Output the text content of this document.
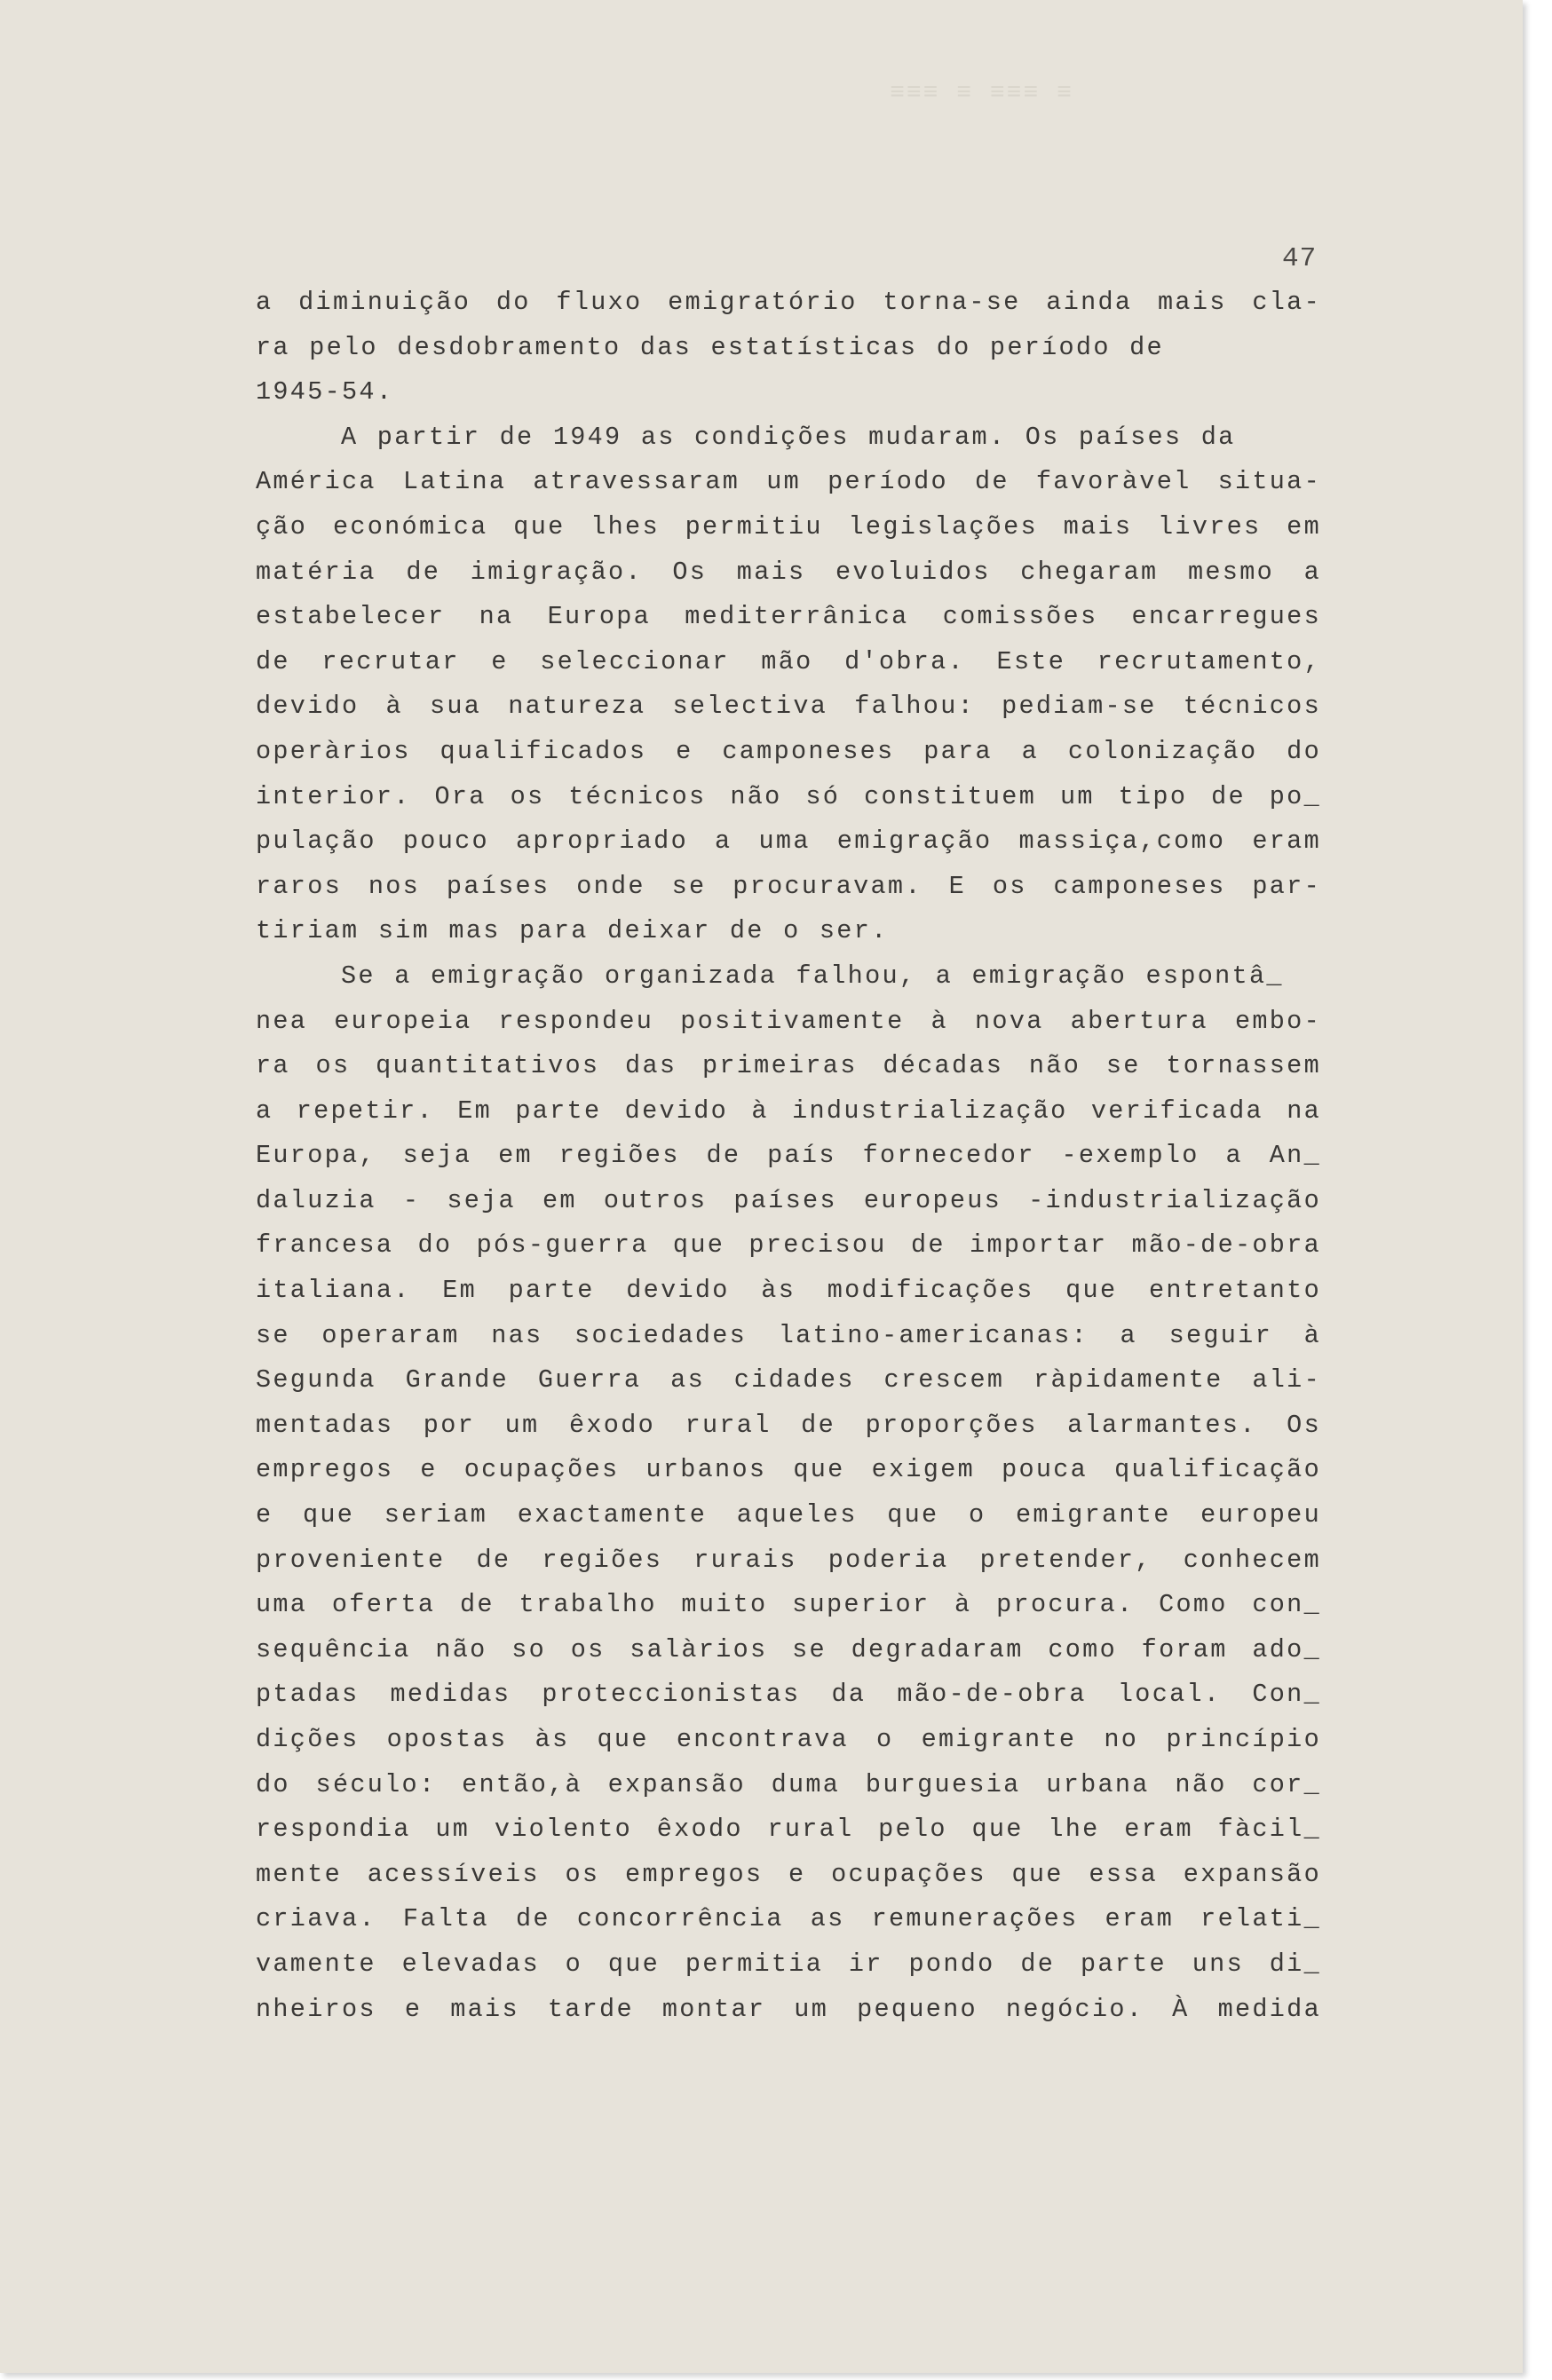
≡ ≡≡≡ ≡ ≡≡≡
47
a diminuição do fluxo emigratório torna-se ainda mais cla-
ra pelo desdobramento das estatísticas do período de
1945-54.
A partir de 1949 as condições mudaram. Os países da
América Latina atravessaram um período de favoràvel situa-
ção económica que lhes permitiu legislações mais livres em
matéria de imigração. Os mais evoluidos chegaram mesmo a
estabelecer na Europa mediterrânica comissões encarregues
de recrutar e seleccionar mão d'obra. Este recrutamento,
devido à sua natureza selectiva falhou: pediam-se técnicos
operàrios qualificados e camponeses para a colonização do
interior. Ora os técnicos não só constituem um tipo de po_
pulação pouco apropriado a uma emigração massiça,como eram
raros nos países onde se procuravam. E os camponeses par-
tiriam sim mas para deixar de o ser.
Se a emigração organizada falhou, a emigração espontâ_
nea europeia respondeu positivamente à nova abertura embo-
ra os quantitativos das primeiras décadas não se tornassem
a repetir. Em parte devido à industrialização verificada na
Europa, seja em regiões de país fornecedor -exemplo a An_
daluzia - seja em outros países europeus -industrialização
francesa do pós-guerra que precisou de importar mão-de-obra
italiana. Em parte devido às modificações que entretanto
se operaram nas sociedades latino-americanas: a seguir à
Segunda Grande Guerra as cidades crescem ràpidamente ali-
mentadas por um êxodo rural de proporções alarmantes. Os
empregos e ocupações urbanos que exigem pouca qualificação
e que seriam exactamente aqueles que o emigrante europeu
proveniente de regiões rurais poderia pretender, conhecem
uma oferta de trabalho muito superior à procura. Como con_
sequência não so os salàrios se degradaram como foram ado_
ptadas medidas proteccionistas da mão-de-obra local. Con_
dições opostas às que encontrava o emigrante no princípio
do século: então,à expansão duma burguesia urbana não cor_
respondia um violento êxodo rural pelo que lhe eram fàcil_
mente acessíveis os empregos e ocupações que essa expansão
criava. Falta de concorrência as remunerações eram relati_
vamente elevadas o que permitia ir pondo de parte uns di_
nheiros e mais tarde montar um pequeno negócio. À medida
